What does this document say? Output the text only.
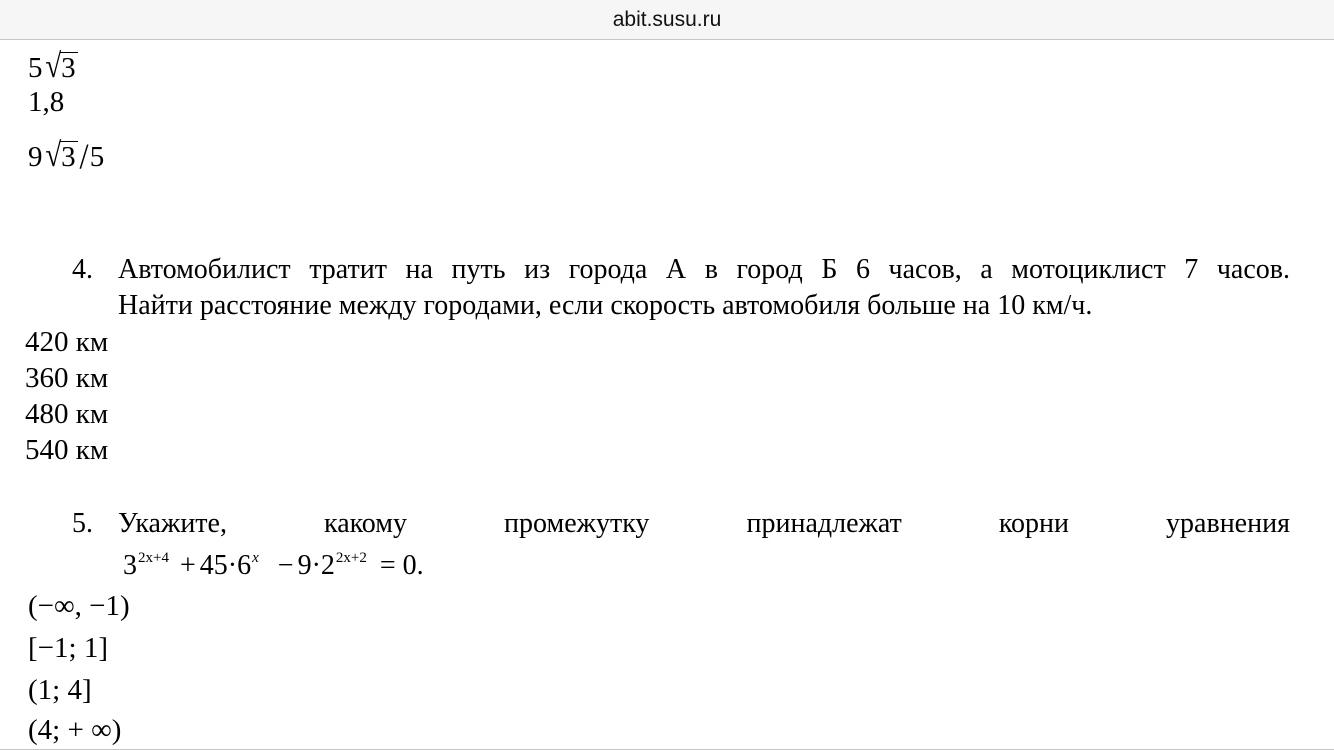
abit.susu.ru
5√3
1,8
9√3/5
4. Автомобилист тратит на путь из города А в город Б 6 часов, а мотоциклист 7 часов.
Найти расстояние между городами, если скорость автомобиля больше на 10 км/ч.
420 км
360 км
480 км
540 км
5. Укажите,	какому	промежутку	принадлежат	корни	уравнения
$3^{2x+4} + 45\cdot 6^x - 9\cdot 2^{2x+2} = 0$.
(−∞, −1)
[−1; 1]
(1; 4]
(4; + ∞)
